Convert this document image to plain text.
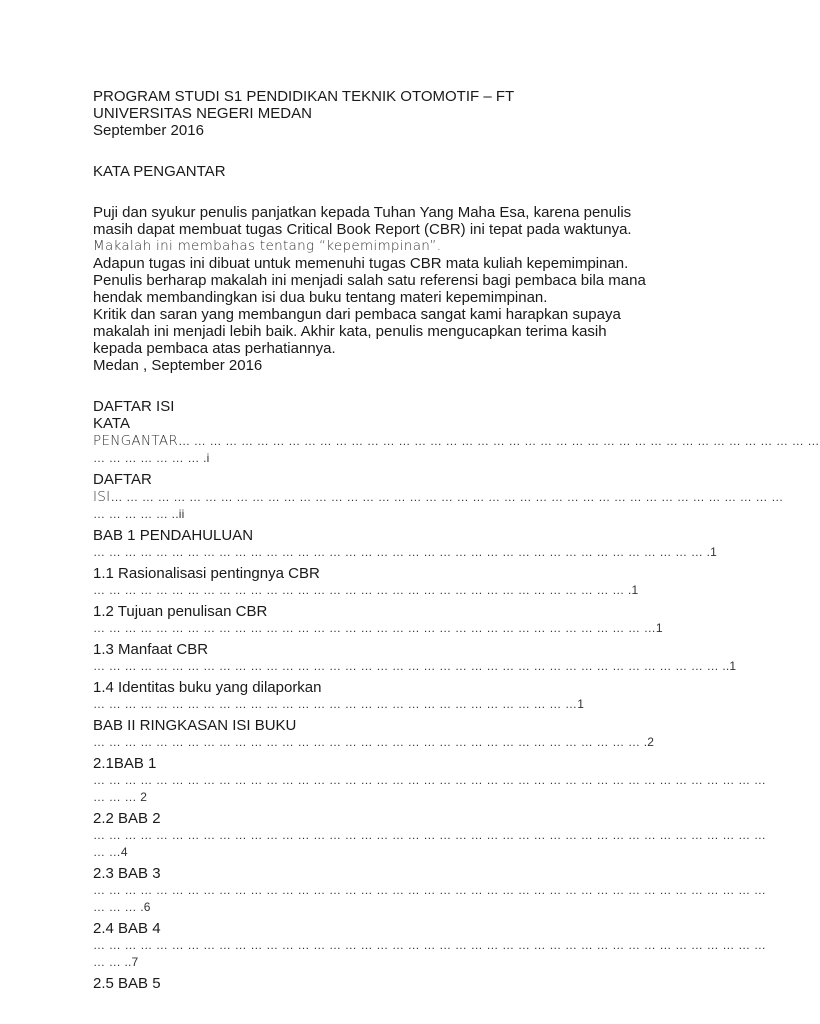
PROGRAM STUDI S1 PENDIDIKAN TEKNIK OTOMOTIF – FT
UNIVERSITAS NEGERI MEDAN
September 2016
KATA PENGANTAR
Puji dan syukur penulis panjatkan kepada Tuhan Yang Maha Esa, karena penulis
masih dapat membuat tugas Critical Book Report (CBR) ini tepat pada waktunya.
Makalah ini membahas tentang “kepemimpinan”.
Adapun tugas ini dibuat untuk memenuhi tugas CBR mata kuliah kepemimpinan.
Penulis berharap makalah ini menjadi salah satu referensi bagi pembaca bila mana
hendak membandingkan isi dua buku tentang materi kepemimpinan.
Kritik dan saran yang membangun dari pembaca sangat kami harapkan supaya
makalah ini menjadi lebih baik. Akhir kata, penulis mengucapkan terima kasih
kepada pembaca atas perhatiannya.
Medan , September 2016
DAFTAR ISI
KATA
PENGANTAR… … … … … … … … … … … … … … … … … … … … … … … … … … … … … … … … … … … … … … … … …
… … … … … … … .i
DAFTAR
ISI… … … … … … … … … … … … … … … … … … … … … … … … … … … … … … … … … … … … … … … … … … …
… … … … … ..ii
BAB 1 PENDAHULUAN
… … … … … … … … … … … … … … … … … … … … … … … … … … … … … … … … … … … … … … … .1
1.1 Rasionalisasi pentingnya CBR
… … … … … … … … … … … … … … … … … … … … … … … … … … … … … … … … … … .1
1.2 Tujuan penulisan CBR
… … … … … … … … … … … … … … … … … … … … … … … … … … … … … … … … … … … …1
1.3 Manfaat CBR
… … … … … … … … … … … … … … … … … … … … … … … … … … … … … … … … … … … … … … … … ..1
1.4 Identitas buku yang dilaporkan
… … … … … … … … … … … … … … … … … … … … … … … … … … … … … … …1
BAB II RINGKASAN ISI BUKU
… … … … … … … … … … … … … … … … … … … … … … … … … … … … … … … … … … … .2
2.1BAB 1
… … … … … … … … … … … … … … … … … … … … … … … … … … … … … … … … … … … … … … … … … … …
… … … 2
2.2 BAB 2
… … … … … … … … … … … … … … … … … … … … … … … … … … … … … … … … … … … … … … … … … … …
… …4
2.3 BAB 3
… … … … … … … … … … … … … … … … … … … … … … … … … … … … … … … … … … … … … … … … … … …
… … … .6
2.4 BAB 4
… … … … … … … … … … … … … … … … … … … … … … … … … … … … … … … … … … … … … … … … … … …
… … ..7
2.5 BAB 5
